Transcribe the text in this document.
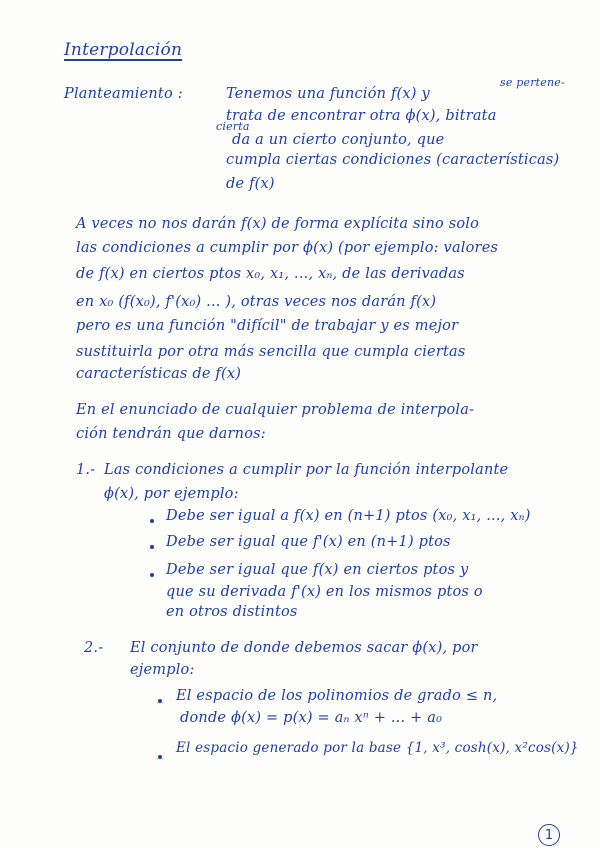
Interpolación
Planteamiento :
se pertene-
Tenemos una función f(x) y
trata de encontrar otra ϕ(x), bitrata
cierta
da a un cierto conjunto, que
cumpla ciertas condiciones (características)
de f(x)
A veces no nos darán f(x) de forma explícita sino solo
las condiciones a cumplir por ϕ(x) (por ejemplo: valores
de f(x) en ciertos ptos x₀, x₁, ..., xₙ, de las derivadas
en x₀ (f(x₀), f'(x₀) ... ), otras veces nos darán f(x)
pero es una función "difícil" de trabajar y es mejor
sustituirla por otra más sencilla que cumpla ciertas
características de f(x)
En el enunciado de cualquier problema de interpola-
ción tendrán que darnos:
1.- Las condiciones a cumplir por la función interpolante
ϕ(x), por ejemplo:
Debe ser igual a f(x) en (n+1) ptos (x₀, x₁, ..., xₙ)
Debe ser igual que f'(x) en (n+1) ptos
Debe ser igual que f(x) en ciertos ptos y
que su derivada f'(x) en los mismos ptos o
en otros distintos
2.- El conjunto de donde debemos sacar ϕ(x), por
ejemplo:
El espacio de los polinomios de grado ≤ n,
donde ϕ(x) = p(x) = aₙ xⁿ + ... + a₀
El espacio generado por la base {1, x³, cosh(x), x²cos(x)}
1
